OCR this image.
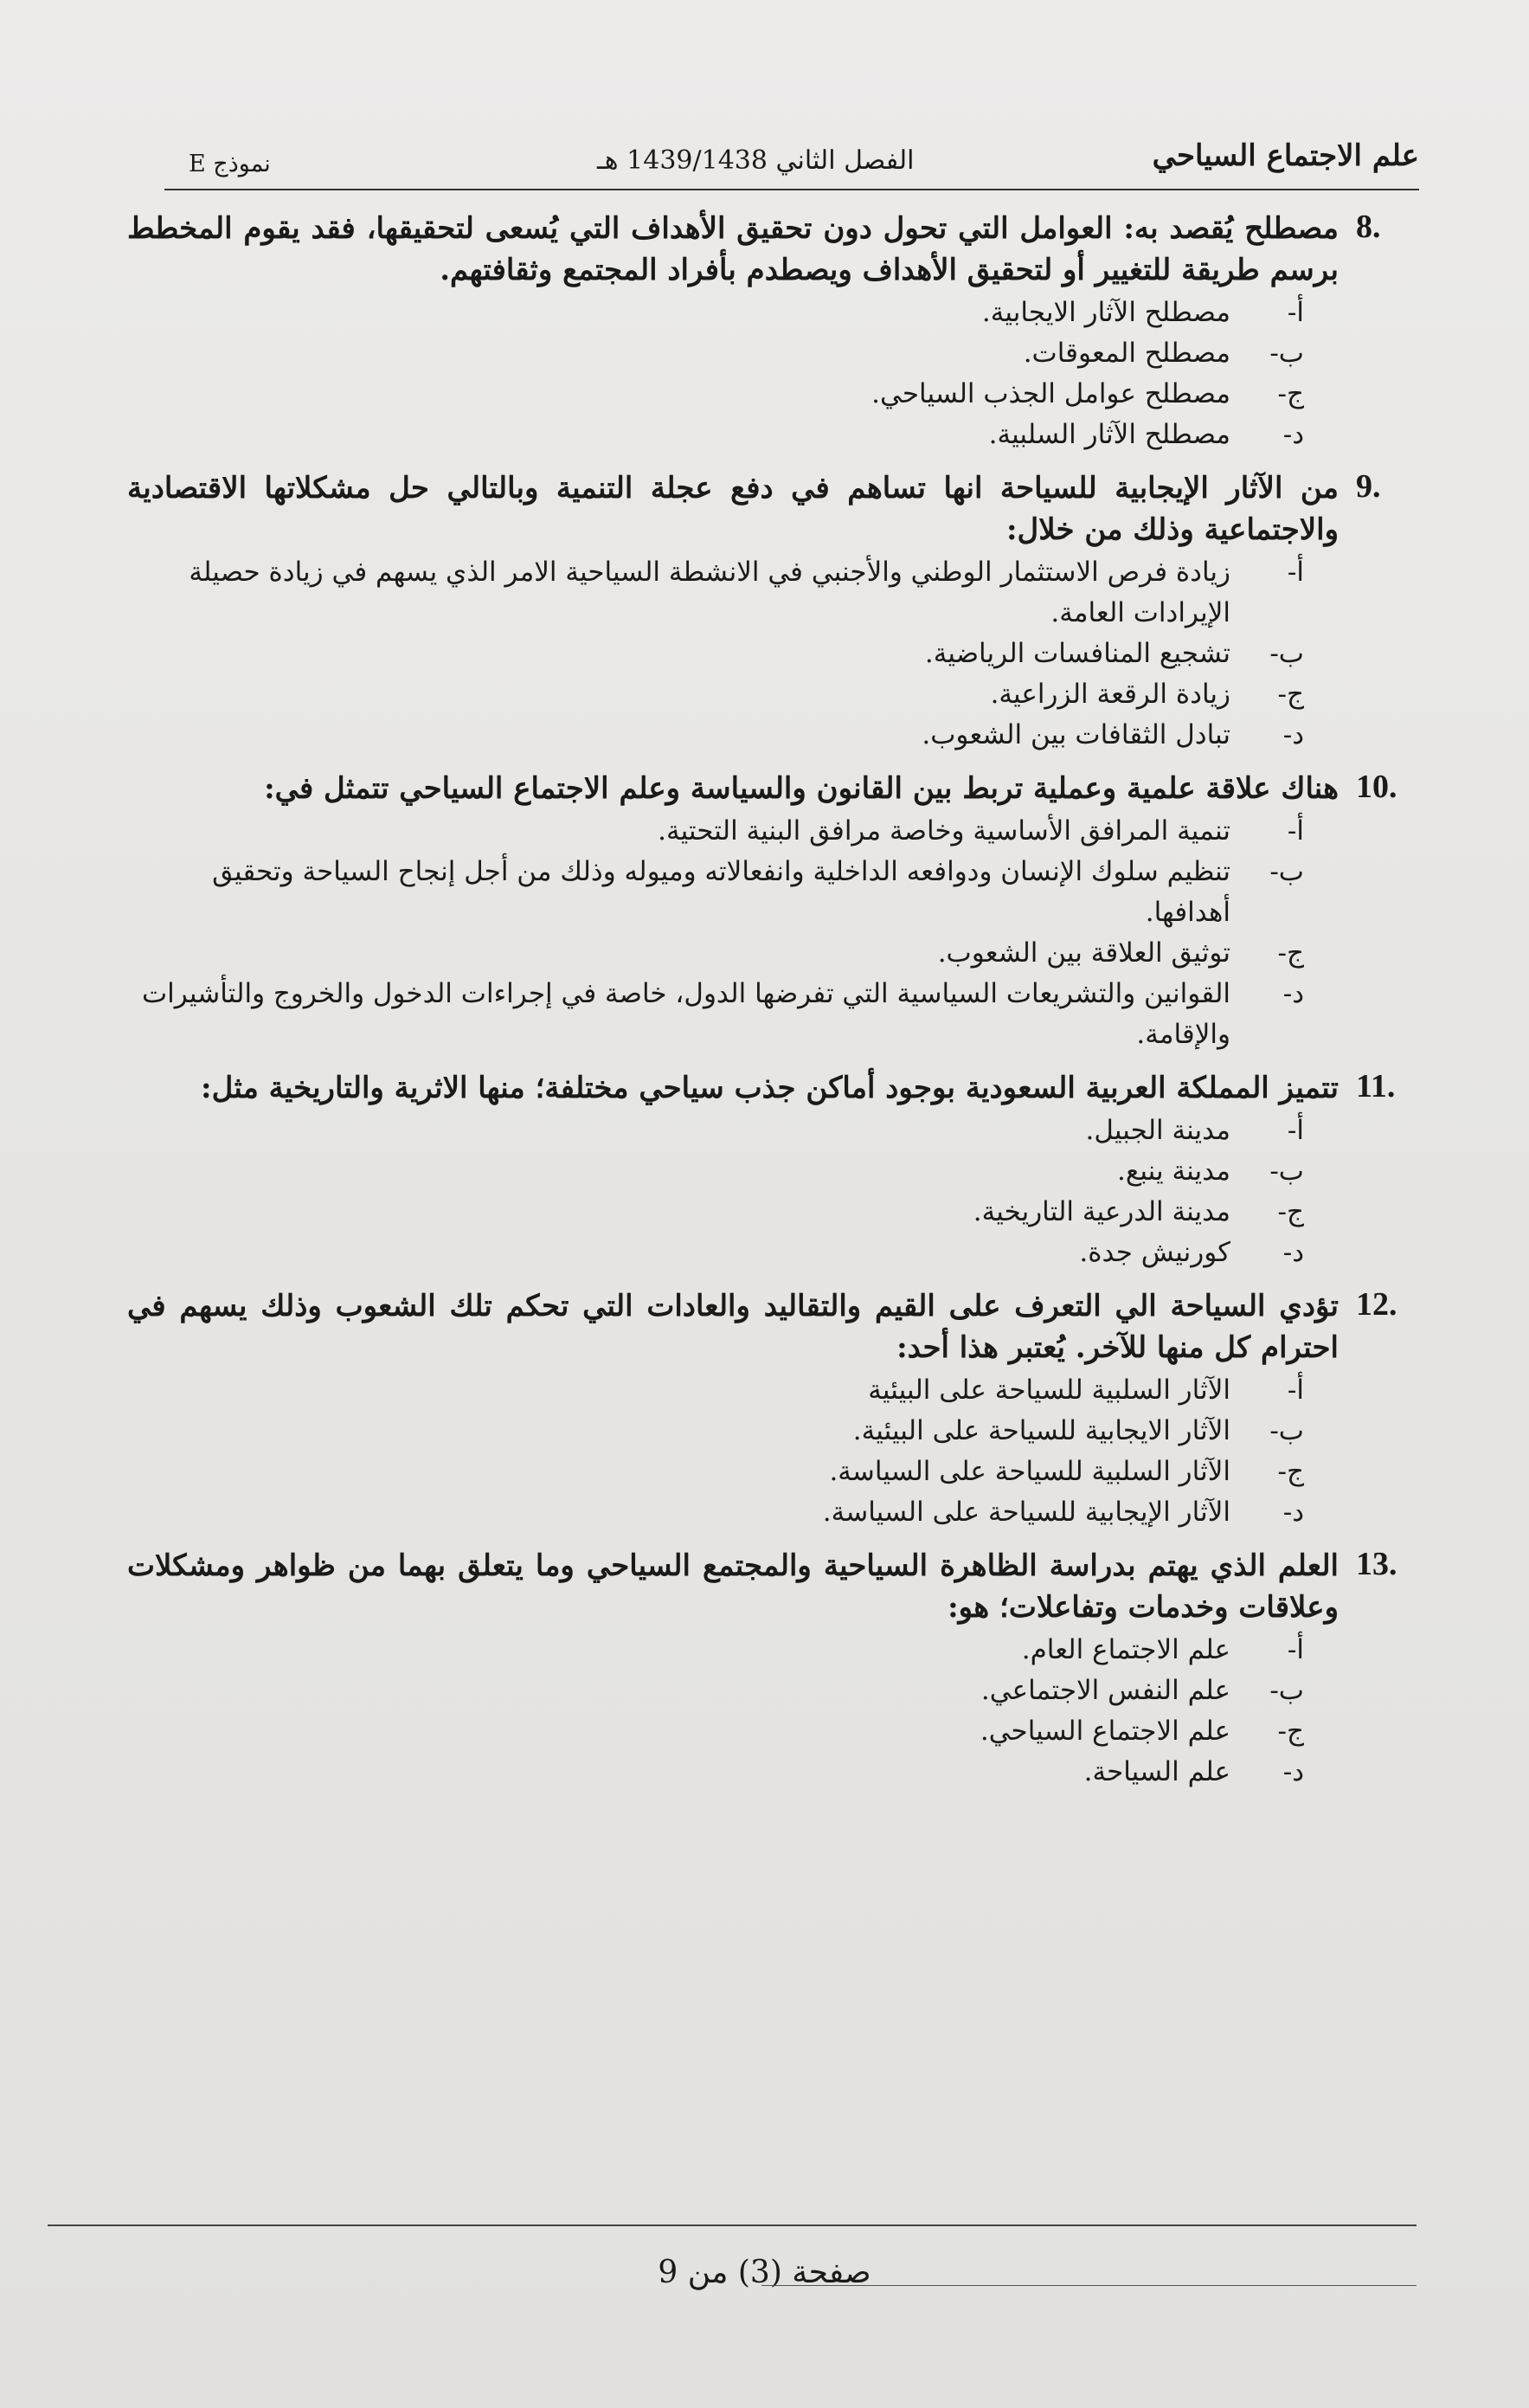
علم الاجتماع السياحي
الفصل الثاني 1439/1438 هـ
نموذج E
8.
مصطلح يُقصد به: العوامل التي تحول دون تحقيق الأهداف التي يُسعى لتحقيقها، فقد يقوم المخطط برسم طريقة للتغيير أو لتحقيق الأهداف ويصطدم بأفراد المجتمع وثقافتهم.
أ-
مصطلح الآثار الايجابية.
ب-
مصطلح المعوقات.
ج-
مصطلح عوامل الجذب السياحي.
د-
مصطلح الآثار السلبية.
9.
من الآثار الإيجابية للسياحة انها تساهم في دفع عجلة التنمية وبالتالي حل مشكلاتها الاقتصادية والاجتماعية وذلك من خلال:
أ-
زيادة فرص الاستثمار الوطني والأجنبي في الانشطة السياحية الامر الذي يسهم في زيادة حصيلة الإيرادات العامة.
ب-
تشجيع المنافسات الرياضية.
ج-
زيادة الرقعة الزراعية.
د-
تبادل الثقافات بين الشعوب.
10.
هناك علاقة علمية وعملية تربط بين القانون والسياسة وعلم الاجتماع السياحي تتمثل في:
أ-
تنمية المرافق الأساسية وخاصة مرافق البنية التحتية.
ب-
تنظيم سلوك الإنسان ودوافعه الداخلية وانفعالاته وميوله وذلك من أجل إنجاح السياحة وتحقيق أهدافها.
ج-
توثيق العلاقة بين الشعوب.
د-
القوانين والتشريعات السياسية التي تفرضها الدول، خاصة في إجراءات الدخول والخروج والتأشيرات والإقامة.
11.
تتميز المملكة العربية السعودية بوجود أماكن جذب سياحي مختلفة؛ منها الاثرية والتاريخية مثل:
أ-
مدينة الجبيل.
ب-
مدينة ينبع.
ج-
مدينة الدرعية التاريخية.
د-
كورنيش جدة.
12.
تؤدي السياحة الي التعرف على القيم والتقاليد والعادات التي تحكم تلك الشعوب وذلك يسهم في احترام كل منها للآخر. يُعتبر هذا أحد:
أ-
الآثار السلبية للسياحة على البيئية
ب-
الآثار الايجابية للسياحة على البيئية.
ج-
الآثار السلبية للسياحة على السياسة.
د-
الآثار الإيجابية للسياحة على السياسة.
13.
العلم الذي يهتم بدراسة الظاهرة السياحية والمجتمع السياحي وما يتعلق بهما من ظواهر ومشكلات وعلاقات وخدمات وتفاعلات؛ هو:
أ-
علم الاجتماع العام.
ب-
علم النفس الاجتماعي.
ج-
علم الاجتماع السياحي.
د-
علم السياحة.
صفحة (3) من 9
